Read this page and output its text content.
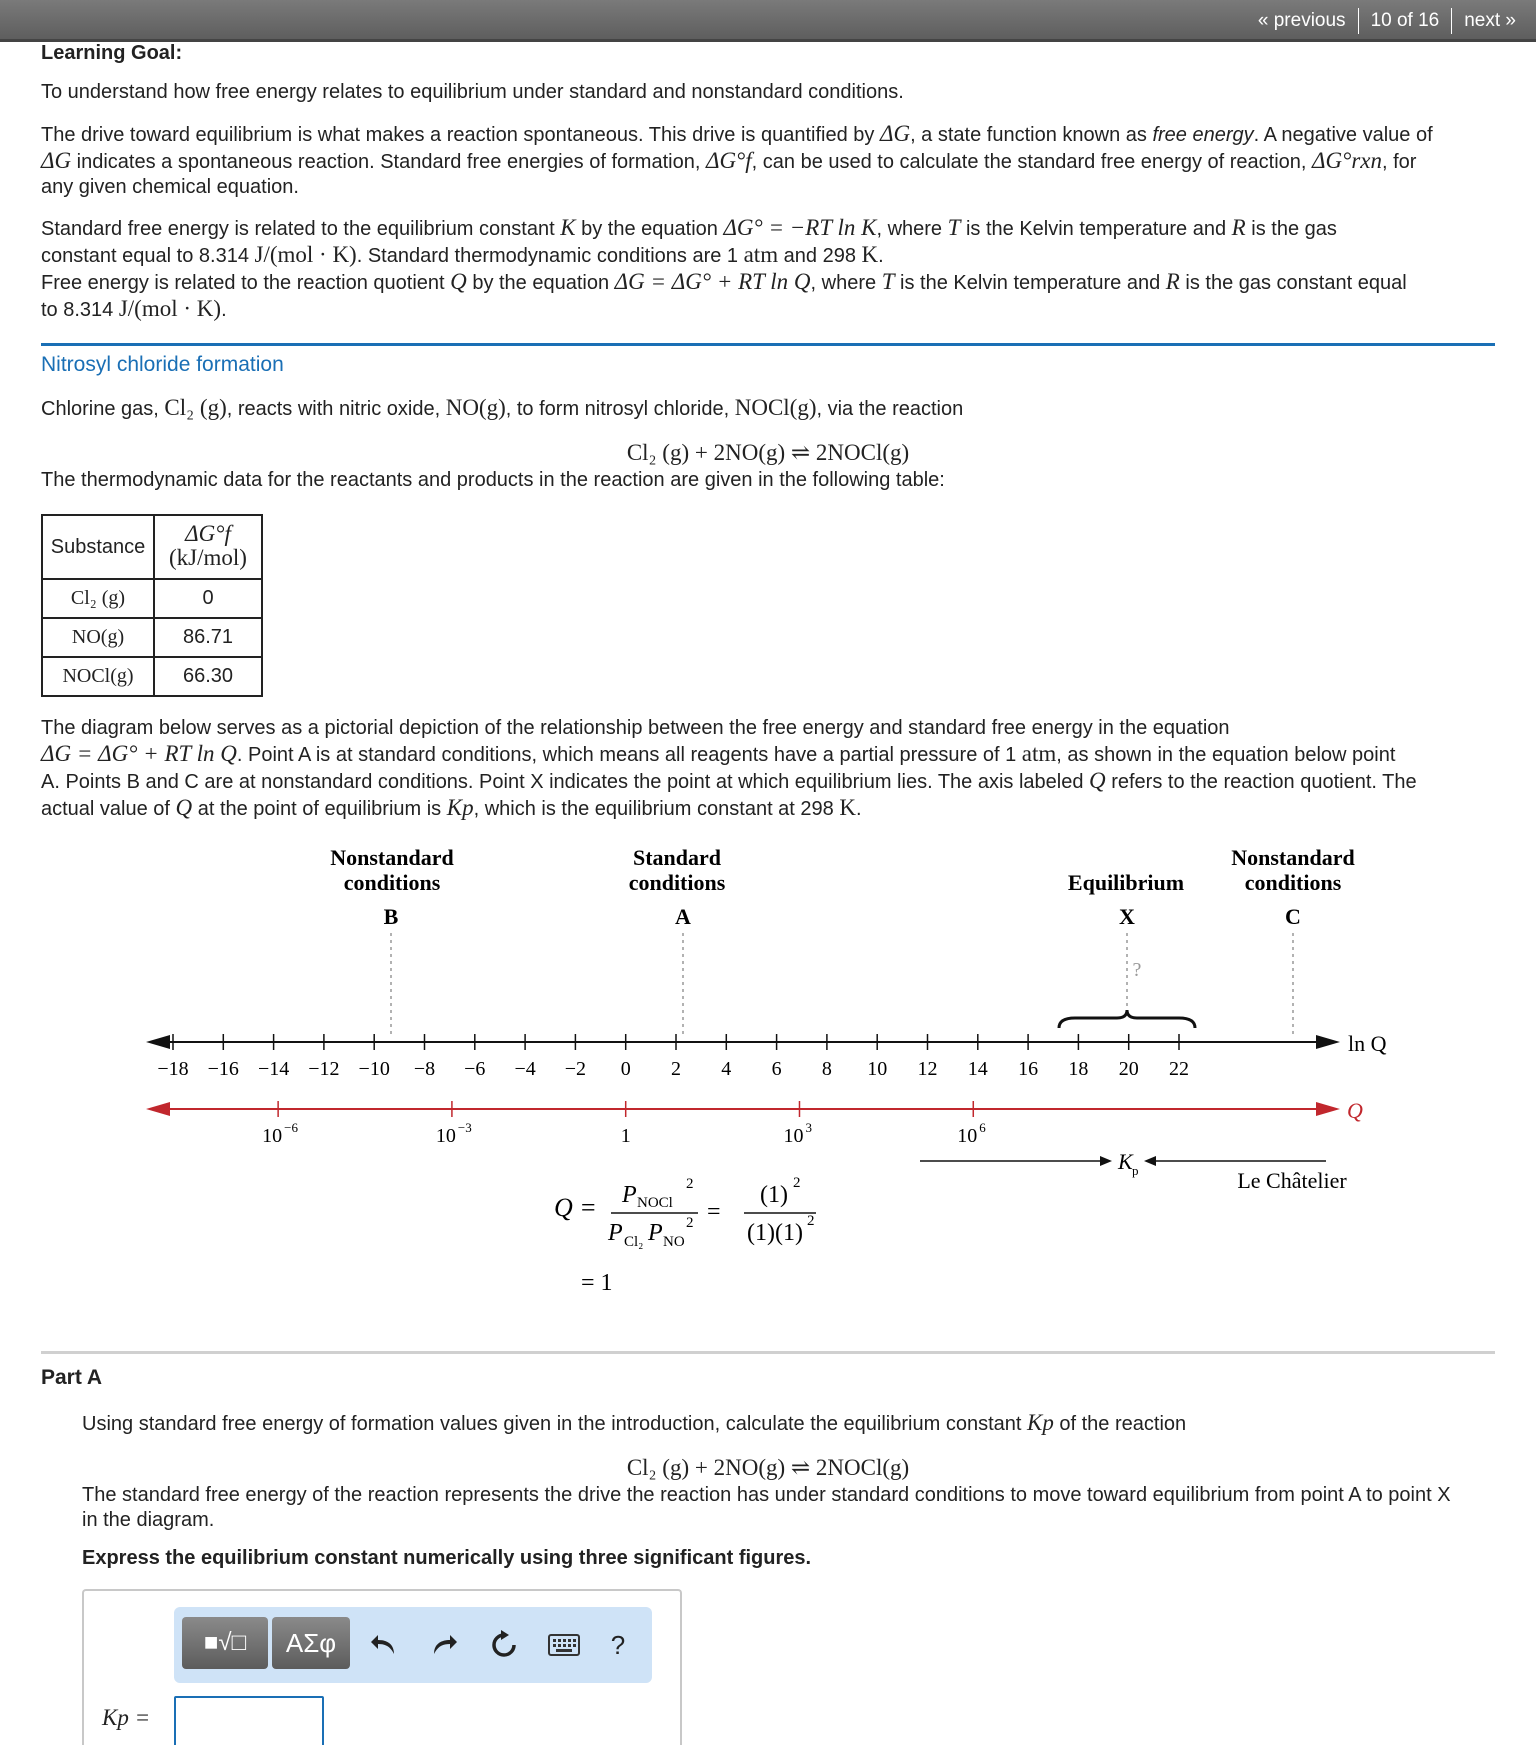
« previous 10 of 16 next »
Learning Goal:
To understand how free energy relates to equilibrium under standard and nonstandard conditions.
The drive toward equilibrium is what makes a reaction spontaneous. This drive is quantified by ΔG, a state function known as free energy. A negative value of
ΔG indicates a spontaneous reaction. Standard free energies of formation, ΔG°f, can be used to calculate the standard free energy of reaction, ΔG°rxn, for
any given chemical equation.
Standard free energy is related to the equilibrium constant K by the equation ΔG° = −RT ln K, where T is the Kelvin temperature and R is the gas
constant equal to 8.314 J/(mol · K). Standard thermodynamic conditions are 1 atm and 298 K.
Free energy is related to the reaction quotient Q by the equation ΔG = ΔG° + RT ln Q, where T is the Kelvin temperature and R is the gas constant equal
to 8.314 J/(mol · K).
Nitrosyl chloride formation
Chlorine gas, Cl₂ (g), reacts with nitric oxide, NO(g), to form nitrosyl chloride, NOCl(g), via the reaction
Cl₂ (g) + 2NO(g) ⇌ 2NOCl(g)
The thermodynamic data for the reactants and products in the reaction are given in the following table:
Substance	ΔG°f
(kJ/mol)

Cl₂ (g)	0
NO(g)	86.71
NOCl(g)	66.30
The diagram below serves as a pictorial depiction of the relationship between the free energy and standard free energy in the equation
ΔG = ΔG° + RT ln Q. Point A is at standard conditions, which means all reagents have a partial pressure of 1 atm, as shown in the equation below point
A. Points B and C are at nonstandard conditions. Point X indicates the point at which equilibrium lies. The axis labeled Q refers to the reaction quotient. The
actual value of Q at the point of equilibrium is Kp, which is the equilibrium constant at 298 K.
Nonstandard
conditions
B
Standard
conditions
A
Equilibrium
X
?
Nonstandard
conditions
C
−18 −16 −14 −12 −10 −8 −6 −4 −2 0 2 4 6 8 10 12 14 16 18 20 22
ln Q
10 −6	10 −3	1	10 3	10 6
Q
K p	Le Châtelier
Q = P NOCl
2
P Cl₂ P NO
2 =
(1) 2
(1)(1) 2
= 1
Part A
Using standard free energy of formation values given in the introduction, calculate the equilibrium constant Kp of the reaction
Cl₂ (g) + 2NO(g) ⇌ 2NOCl(g)
The standard free energy of the reaction represents the drive the reaction has under standard conditions to move toward equilibrium from point A to point X
in the diagram.
Express the equilibrium constant numerically using three significant figures.
■√□	ΑΣφ	?
Kp =
